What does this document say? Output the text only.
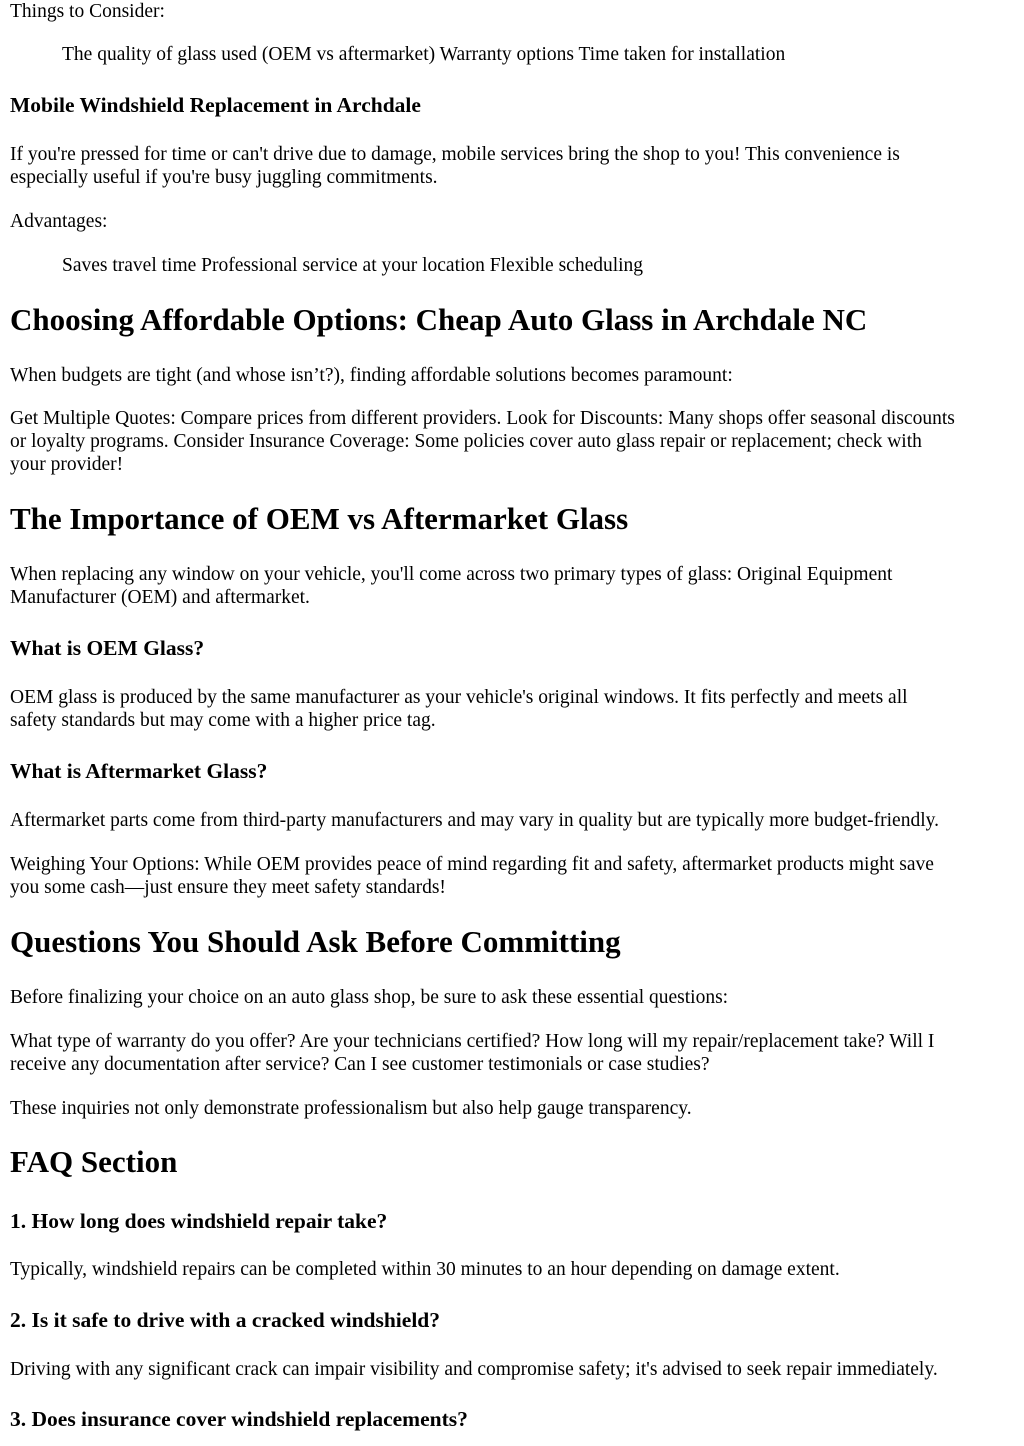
Things to Consider:

The quality of glass used (OEM vs aftermarket) Warranty options Time taken for installation

Mobile Windshield Replacement in Archdale

If you're pressed for time or can't drive due to damage, mobile services bring the shop to you! This convenience is

especially useful if you're busy juggling commitments.

Advantages:

Saves travel time Professional service at your location Flexible scheduling

Choosing Affordable Options: Cheap Auto Glass in Archdale NC

When budgets are tight (and whose isn’t?), finding affordable solutions becomes paramount:

Get Multiple Quotes: Compare prices from different providers. Look for Discounts: Many shops offer seasonal discounts

or loyalty programs. Consider Insurance Coverage: Some policies cover auto glass repair or replacement; check with

your provider!

The Importance of OEM vs Aftermarket Glass

When replacing any window on your vehicle, you'll come across two primary types of glass: Original Equipment

Manufacturer (OEM) and aftermarket.

What is OEM Glass?

OEM glass is produced by the same manufacturer as your vehicle's original windows. It fits perfectly and meets all

safety standards but may come with a higher price tag.

What is Aftermarket Glass?

Aftermarket parts come from third-party manufacturers and may vary in quality but are typically more budget-friendly.

Weighing Your Options: While OEM provides peace of mind regarding fit and safety, aftermarket products might save

you some cash—just ensure they meet safety standards!

Questions You Should Ask Before Committing

Before finalizing your choice on an auto glass shop, be sure to ask these essential questions:

What type of warranty do you offer? Are your technicians certified? How long will my repair/replacement take? Will I

receive any documentation after service? Can I see customer testimonials or case studies?

These inquiries not only demonstrate professionalism but also help gauge transparency.

FAQ Section
1. How long does windshield repair take?

Typically, windshield repairs can be completed within 30 minutes to an hour depending on damage extent.

2. Is it safe to drive with a cracked windshield?

Driving with any significant crack can impair visibility and compromise safety; it's advised to seek repair immediately.

3. Does insurance cover windshield replacements?
